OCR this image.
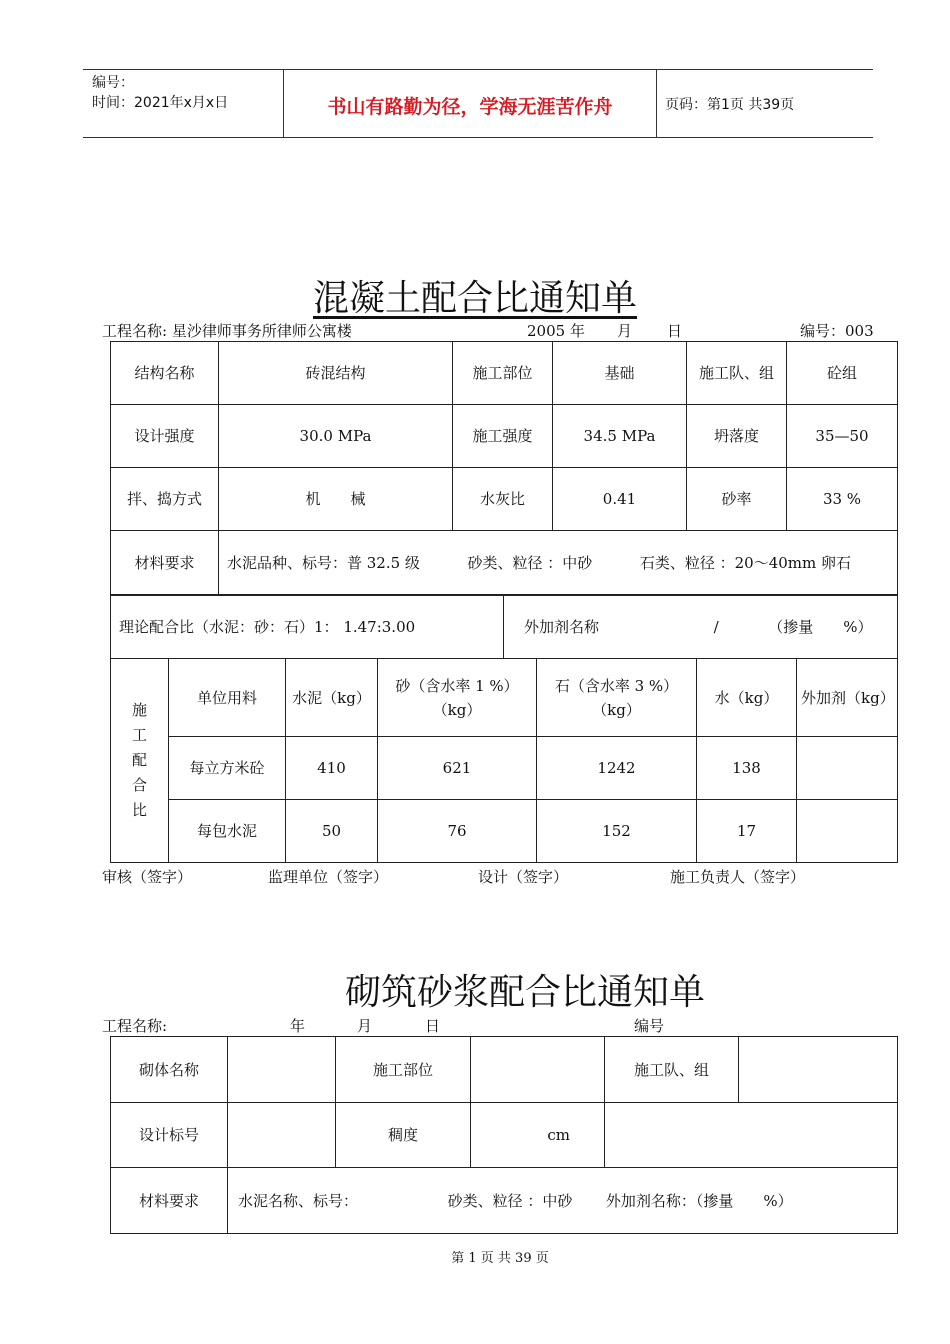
编号：
时间：2021年x月x日	书山有路勤为径，学海无涯苦作舟	页码：第1页 共39页
混凝土配合比通知单
工程名称: 星沙律师事务所律师公寓楼	2005 年 月 日	编号：003
结构名称	砖混结构	施工部位	基础	施工队、组	砼组
设计强度	30.0 MPa	施工强度	34.5 MPa	坍落度	35—50
拌、捣方式	机　　械	水灰比	0.41	砂率	33 %
材料要求	水泥品种、标号：普 32.5 级 砂类、粒径 ：中砂 石类、粒径 ：20～40mm 卵石				
理论配合比（水泥：砂：石）1： 1.47:3.00	外加剂名称	/	（掺量　　%）
施工配合比	单位用料	水泥（kg）	砂（含水率 1 %）（kg）	石（含水率 3 %）（kg）	水（kg）	外加剂（kg）
	每立方米砼	410	621	1242	138	
	每包水泥	50	76	152	17	
审核（签字）	监理单位（签字）	设计（签字）	施工负责人（签字）
砌筑砂浆配合比通知单
工程名称:	年	月	日	编号
砌体名称		施工部位		施工队、组	
设计标号		稠度	cm		
材料要求	水泥名称、标号： 砂类、粒径 ：中砂 外加剂名称：（掺量　　%）				
第 1 页 共 39 页
